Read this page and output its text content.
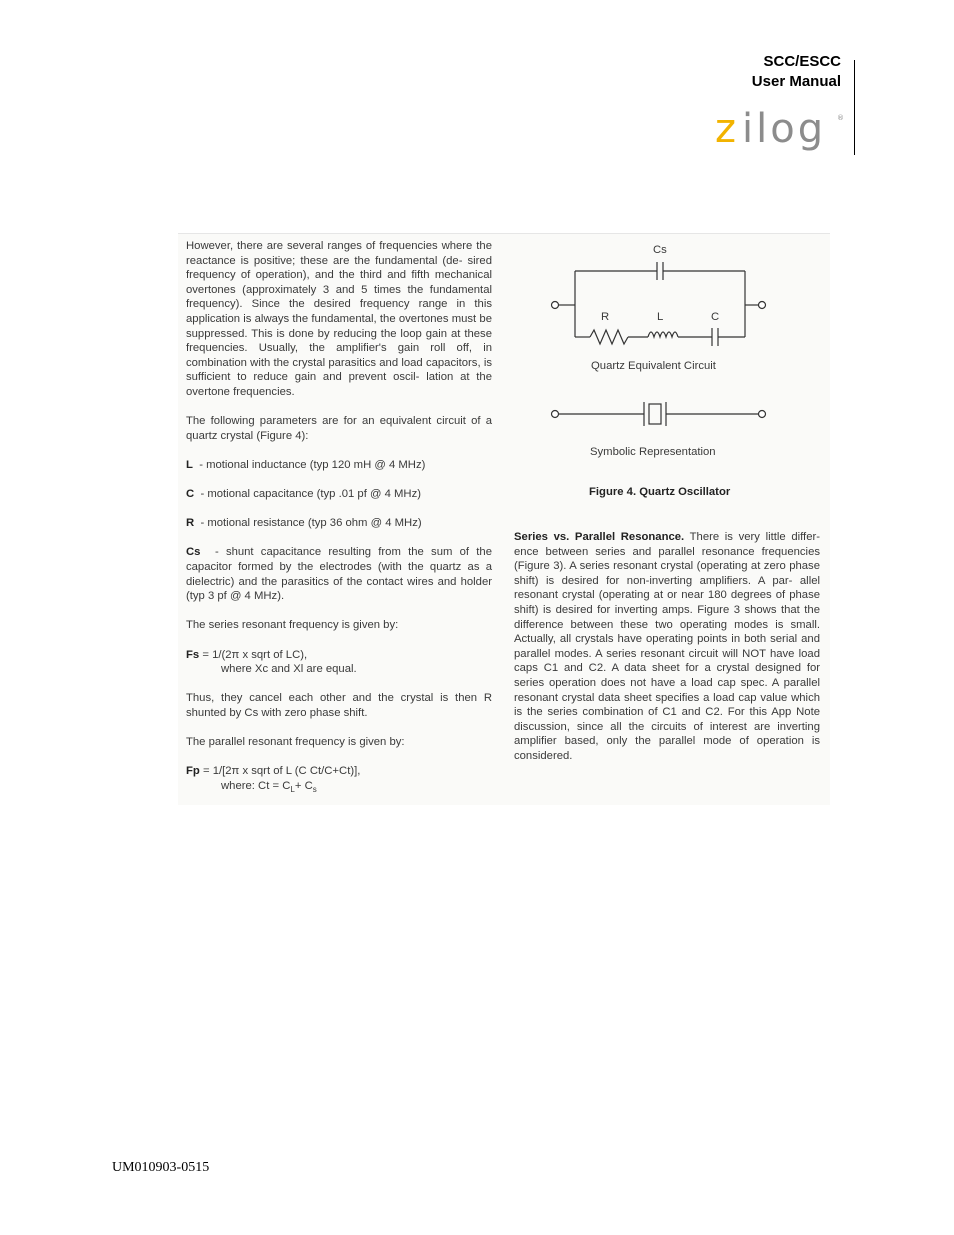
SCC/ESCC
User Manual
z ilog ®

However, there are several ranges of frequencies where the reactance is positive; these are the fundamental (de- sired frequency of operation), and the third and fifth mechanical overtones (approximately 3 and 5 times the fundamental frequency). Since the desired frequency range in this application is always the fundamental, the overtones must be suppressed. This is done by reducing the loop gain at these frequencies. Usually, the amplifier's gain roll off, in combination with the crystal parasitics and load capacitors, is sufficient to reduce gain and prevent oscil- lation at the overtone frequencies.

The following parameters are for an equivalent circuit of a quartz crystal (Figure 4):

L - motional inductance (typ 120 mH @ 4 MHz)

C - motional capacitance (typ .01 pf @ 4 MHz)

R - motional resistance (typ 36 ohm @ 4 MHz)

Cs - shunt capacitance resulting from the sum of the capacitor formed by the electrodes (with the quartz as a dielectric) and the parasitics of the contact wires and holder (typ 3 pf @ 4 MHz).

The series resonant frequency is given by:

Fs = 1/(2π x sqrt of LC),

where Xc and Xl are equal.

Thus, they cancel each other and the crystal is then R shunted by Cs with zero phase shift.

The parallel resonant frequency is given by:

Fp = 1/[2π x sqrt of L (C Ct/C+Ct)],

where: $Ct = C_L+ C_s$

Series vs. Parallel Resonance. There is very little differ- ence between series and parallel resonance frequencies (Figure 3). A series resonant crystal (operating at zero phase shift) is desired for non-inverting amplifiers. A par- allel resonant crystal (operating at or near 180 degrees of phase shift) is desired for inverting amps. Figure 3 shows that the difference between these two operating modes is small. Actually, all crystals have operating points in both serial and parallel modes. A series resonant circuit will NOT have load caps C1 and C2. A data sheet for a crystal designed for series operation does not have a load cap spec. A parallel resonant crystal data sheet specifies a load cap value which is the series combination of C1 and C2. For this App Note discussion, since all the circuits of interest are inverting amplifier based, only the parallel mode of operation is considered.
Cs
R	L	C
Quartz Equivalent Circuit
Symbolic Representation
Figure 4. Quartz Oscillator
UM010903-0515
